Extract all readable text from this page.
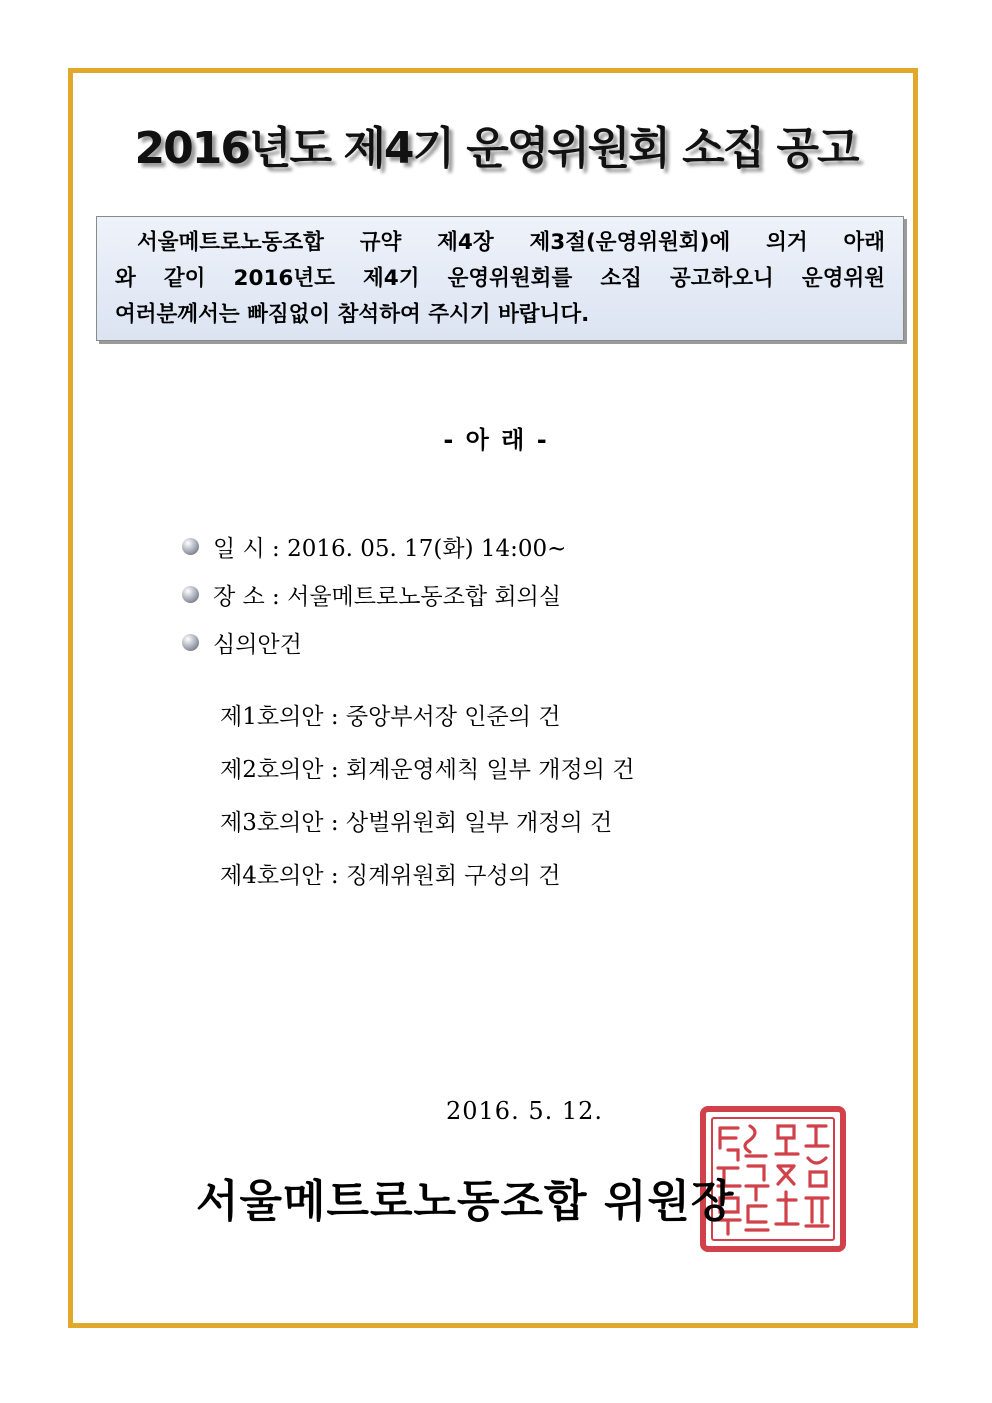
2016년도 제4기 운영위원회 소집 공고
서울메트로노동조합 규약 제4장 제3절(운영위원회)에 의거 아래
와 같이 2016년도 제4기 운영위원회를 소집 공고하오니 운영위원
여러분께서는 빠짐없이 참석하여 주시기 바랍니다.
- 아 래 -
일 시 : 2016. 05. 17(화) 14:00~
장 소 : 서울메트로노동조합 회의실
심의안건
제1호의안 : 중앙부서장 인준의 건
제2호의안 : 회계운영세칙 일부 개정의 건
제3호의안 : 상벌위원회 일부 개정의 건
제4호의안 : 징계위원회 구성의 건
2016. 5. 12.
서울메트로노동조합 위원장
